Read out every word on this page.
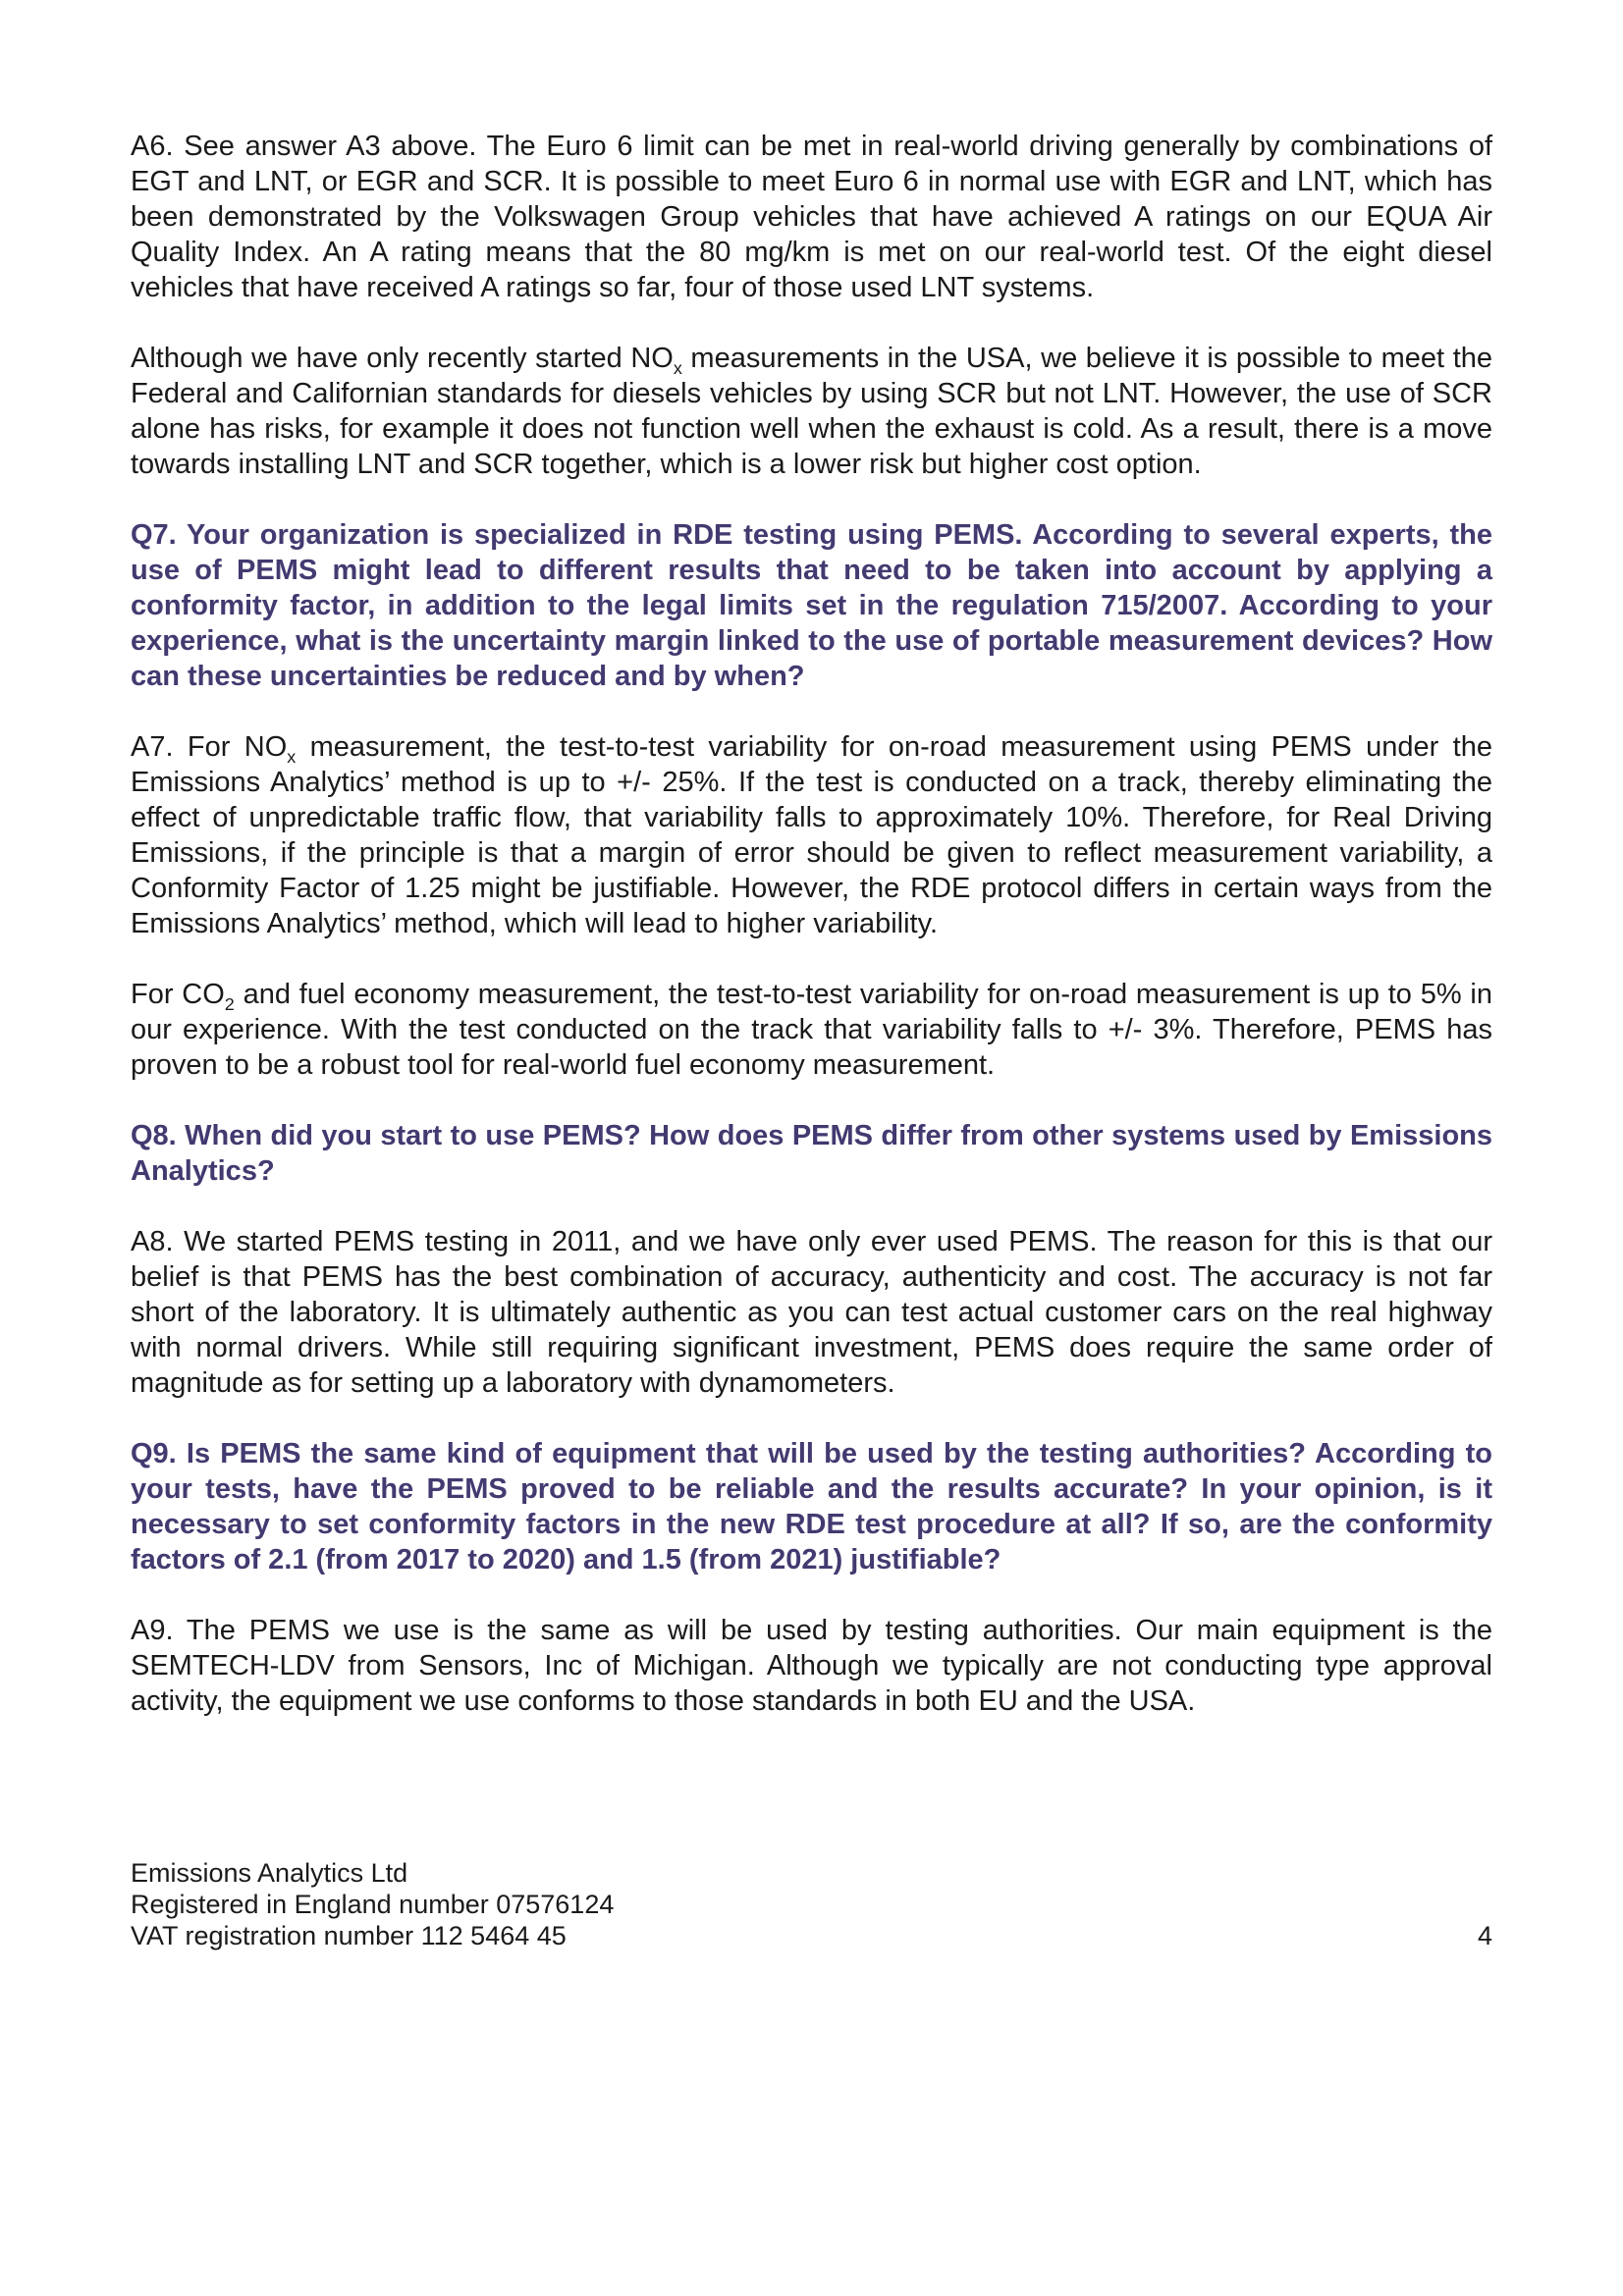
A6. See answer A3 above. The Euro 6 limit can be met in real-world driving generally by combinations of EGT and LNT, or EGR and SCR. It is possible to meet Euro 6 in normal use with EGR and LNT, which has been demonstrated by the Volkswagen Group vehicles that have achieved A ratings on our EQUA Air Quality Index. An A rating means that the 80 mg/km is met on our real-world test. Of the eight diesel vehicles that have received A ratings so far, four of those used LNT systems.

Although we have only recently started $NO_x$ measurements in the USA, we believe it is possible to meet the Federal and Californian standards for diesels vehicles by using SCR but not LNT. However, the use of SCR alone has risks, for example it does not function well when the exhaust is cold. As a result, there is a move towards installing LNT and SCR together, which is a lower risk but higher cost option.

Q7. Your organization is specialized in RDE testing using PEMS. According to several experts, the use of PEMS might lead to different results that need to be taken into account by applying a conformity factor, in addition to the legal limits set in the regulation 715/2007. According to your experience, what is the uncertainty margin linked to the use of portable measurement devices? How can these uncertainties be reduced and by when?

A7. For $NO_x$ measurement, the test-to-test variability for on-road measurement using PEMS under the Emissions Analytics’ method is up to +/- 25%. If the test is conducted on a track, thereby eliminating the effect of unpredictable traffic flow, that variability falls to approximately 10%. Therefore, for Real Driving Emissions, if the principle is that a margin of error should be given to reflect measurement variability, a Conformity Factor of 1.25 might be justifiable. However, the RDE protocol differs in certain ways from the Emissions Analytics’ method, which will lead to higher variability.

For $CO_2$ and fuel economy measurement, the test-to-test variability for on-road measurement is up to 5% in our experience. With the test conducted on the track that variability falls to +/- 3%. Therefore, PEMS has proven to be a robust tool for real-world fuel economy measurement.

Q8. When did you start to use PEMS? How does PEMS differ from other systems used by Emissions Analytics?

A8. We started PEMS testing in 2011, and we have only ever used PEMS. The reason for this is that our belief is that PEMS has the best combination of accuracy, authenticity and cost. The accuracy is not far short of the laboratory. It is ultimately authentic as you can test actual customer cars on the real highway with normal drivers. While still requiring significant investment, PEMS does require the same order of magnitude as for setting up a laboratory with dynamometers.

Q9. Is PEMS the same kind of equipment that will be used by the testing authorities? According to your tests, have the PEMS proved to be reliable and the results accurate? In your opinion, is it necessary to set conformity factors in the new RDE test procedure at all? If so, are the conformity factors of 2.1 (from 2017 to 2020) and 1.5 (from 2021) justifiable?

A9. The PEMS we use is the same as will be used by testing authorities. Our main equipment is the SEMTECH-LDV from Sensors, Inc of Michigan. Although we typically are not conducting type approval activity, the equipment we use conforms to those standards in both EU and the USA.

Emissions Analytics Ltd
Registered in England number 07576124
VAT registration number 112 5464 45	4
